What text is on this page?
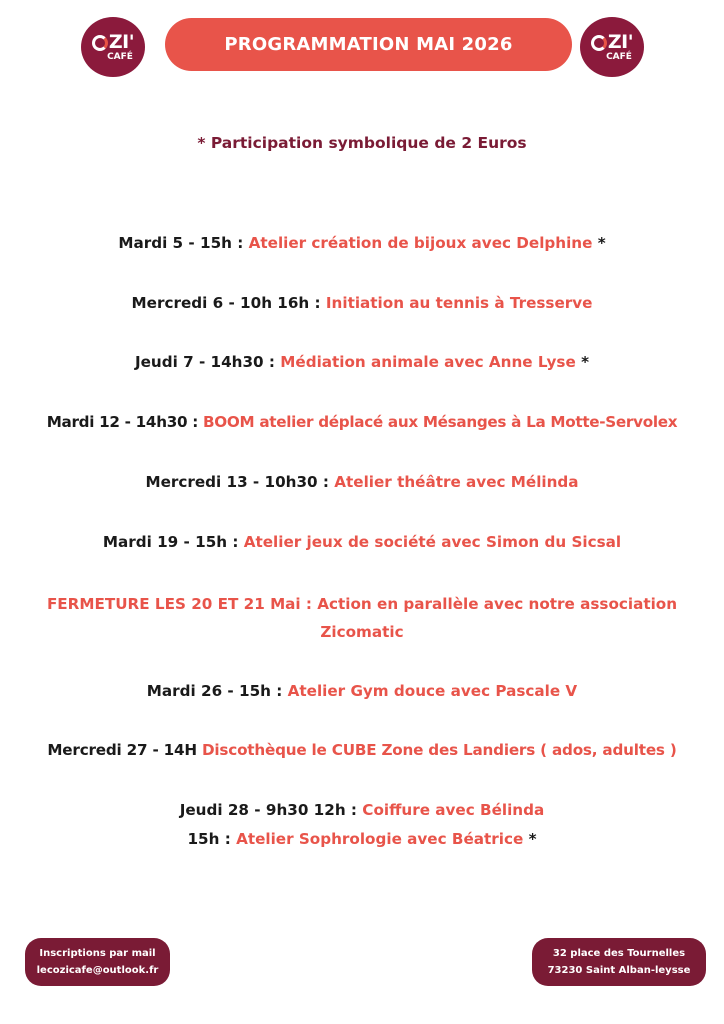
ZI'
CAFÉ
PROGRAMMATION MAI 2026	ZI'
CAFÉ
* Participation symbolique de 2 Euros
Mardi 5 - 15h : Atelier création de bijoux avec Delphine *
Mercredi 6 - 10h 16h : Initiation au tennis à Tresserve
Jeudi 7 - 14h30 : Médiation animale avec Anne Lyse *
Mardi 12 - 14h30 : BOOM atelier déplacé aux Mésanges à La Motte-Servolex
Mercredi 13 - 10h30 : Atelier théâtre avec Mélinda
Mardi 19 - 15h : Atelier jeux de société avec Simon du Sicsal
FERMETURE LES 20 ET 21 Mai : Action en parallèle avec notre association
Zicomatic
Mardi 26 - 15h : Atelier Gym douce avec Pascale V
Mercredi 27 - 14H Discothèque le CUBE Zone des Landiers ( ados, adultes )
Jeudi 28 - 9h30 12h : Coiffure avec Bélinda
15h : Atelier Sophrologie avec Béatrice *
Inscriptions par mail
lecozicafe@outlook.fr
32 place des Tournelles
73230 Saint Alban-leysse
